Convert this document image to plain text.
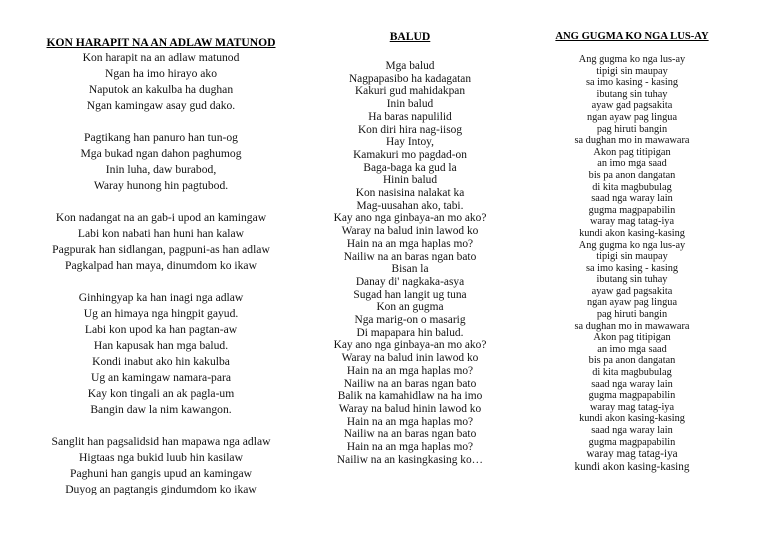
KON HARAPIT NA AN ADLAW MATUNOD
Kon harapit na an adlaw matunod
Ngan ha imo hirayo ako
Naputok an kakulba ha dughan
Ngan kamingaw asay gud dako.
Pagtikang han panuro han tun-og
Mga bukad ngan dahon paghumog
Inin luha, daw burabod,
Waray hunong hin pagtubod.
Kon nadangat na an gab-i upod an kamingaw
Labi kon nabati han huni han kalaw
Pagpurak han sidlangan, pagpuni-as han adlaw
Pagkalpad han maya, dinumdom ko ikaw
Ginhingyap ka han inagi nga adlaw
Ug an himaya nga hingpit gayud.
Labi kon upod ka han pagtan-aw
Han kapusak han mga balud.
Kondi inabut ako hin kakulba
Ug an kamingaw namara-para
Kay kon tingali an ak pagla-um
Bangin daw la nim kawangon.
Sanglit han pagsalidsid han mapawa nga adlaw
Higtaas nga bukid luub hin kasilaw
Paghuni han gangis upud an kamingaw
Duyog an pagtangis gindumdom ko ikaw
BALUD
Mga balud
Nagpapasibo ha kadagatan
Kakuri gud mahidakpan
Inin balud
Ha baras napulilid
Kon diri hira nag-iisog
Hay Intoy,
Kamakuri mo pagdad-on
Baga-baga ka gud la
Hinin balud
Kon nasisina nalakat ka
Mag-uusahan ako, tabi.
Kay ano nga ginbaya-an mo ako?
Waray na balud inin lawod ko
Hain na an mga haplas mo?
Nailiw na an baras ngan bato
Bisan la
Danay di' nagkaka-asya
Sugad han langit ug tuna
Kon an gugma
Nga marig-on o masarig
Di mapapara hin balud.
Kay ano nga ginbaya-an mo ako?
Waray na balud inin lawod ko
Hain na an mga haplas mo?
Nailiw na an baras ngan bato
Balik na kamahidlaw na ha imo
Waray na balud hinin lawod ko
Hain na an mga haplas mo?
Nailiw na an baras ngan bato
Hain na an mga haplas mo?
Nailiw na an kasingkasing ko…
ANG GUGMA KO NGA LUS-AY
Ang gugma ko nga lus-ay
tipigi sin maupay
sa imo kasing - kasing
ibutang sin tuhay
ayaw gad pagsakita
ngan ayaw pag lingua
pag hiruti bangin
sa dughan mo in mawawara
Akon pag titipigan
an imo mga saad
bis pa anon dangatan
di kita magbubulag
saad nga waray lain
gugma magpapabilin
waray mag tatag-iya
kundi akon kasing-kasing
Ang gugma ko nga lus-ay
tipigi sin maupay
sa imo kasing - kasing
ibutang sin tuhay
ayaw gad pagsakita
ngan ayaw pag lingua
pag hiruti bangin
sa dughan mo in mawawara
Akon pag titipigan
an imo mga saad
bis pa anon dangatan
di kita magbubulag
saad nga waray lain
gugma magpapabilin
waray mag tatag-iya
kundi akon kasing-kasing
saad nga waray lain
gugma magpapabilin
waray mag tatag-iya
kundi akon kasing-kasing
